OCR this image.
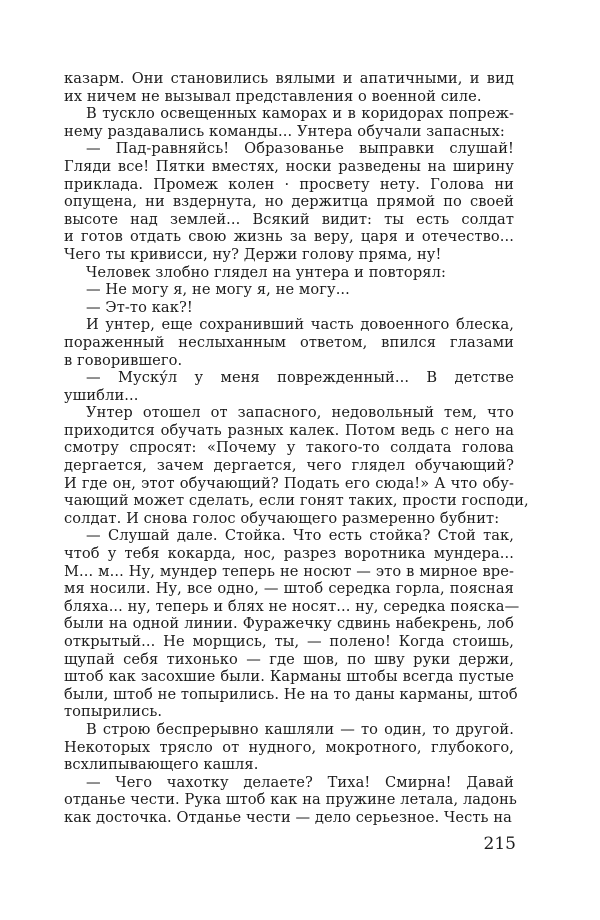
казарм. Они становились вялыми и апатичными, и вид
их ничем не вызывал представления о военной силе.
В тускло освещенных каморах и в коридорах попреж-
нему раздавались команды... Унтера обучали запасных:
— Пад-равняйсь! Образованье выправки слушай!
Гляди все! Пятки вместях, носки разведены на ширину
приклада. Промеж колен · просвету нету. Голова ни
опущена, ни вздернута, но держитца прямой по своей
высоте над землей... Всякий видит: ты есть солдат
и готов отдать свою жизнь за веру, царя и отечество...
Чего ты кривисси, ну? Держи голову пряма, ну!
Человек злобно глядел на унтера и повторял:
— Не могу я, не могу я, не могу...
— Эт-то как?!
И унтер, еще сохранивший часть довоенного блеска,
пораженный неслыханным ответом, впился глазами
в говорившего.
— Муску́л у меня поврежденный... В детстве
ушибли...
Унтер отошел от запасного, недовольный тем, что
приходится обучать разных калек. Потом ведь с него на
смотру спросят: «Почему у такого-то солдата голова
дергается, зачем дергается, чего глядел обучающий?
И где он, этот обучающий? Подать его сюда!» А что обу-
чающий может сделать, если гонят таких, прости господи,
солдат. И снова голос обучающего размеренно бубнит:
— Слушай дале. Стойка. Что есть стойка? Стой так,
чтоб у тебя кокарда, нос, разрез воротника мундера...
М... м... Ну, мундер теперь не носют — это в мирное вре-
мя носили. Ну, все одно, — штоб середка горла, поясная
бляха... ну, теперь и блях не носят... ну, середка пояска—
были на одной линии. Фуражечку сдвинь набекрень, лоб
открытый... Не морщись, ты, — полено! Когда стоишь,
щупай себя тихонько — где шов, по шву руки держи,
штоб как засохшие были. Карманы штобы всегда пустые
были, штоб не топырились. Не на то даны карманы, штоб
топырились.
В строю беспрерывно кашляли — то один, то другой.
Некоторых трясло от нудного, мокротного, глубокого,
всхлипывающего кашля.
— Чего чахотку делаете? Тиха! Смирна! Давай
отданье чести. Рука штоб как на пружине летала, ладонь
как досточка. Отданье чести — дело серьезное. Честь на
215
